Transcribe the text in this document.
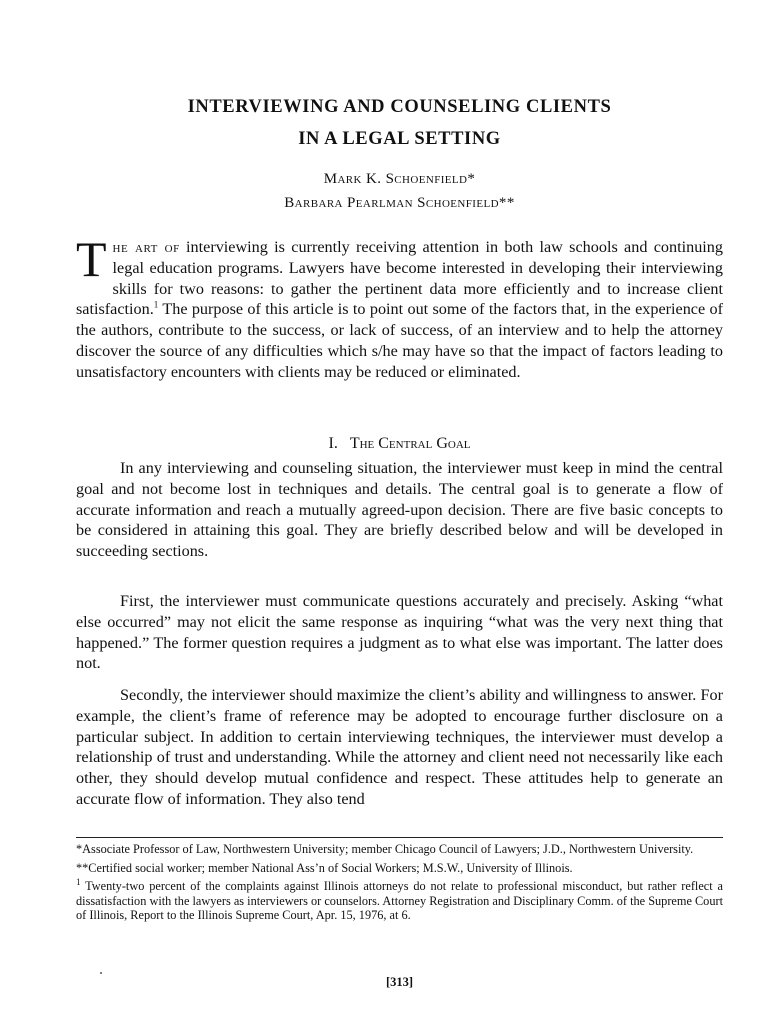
INTERVIEWING AND COUNSELING CLIENTS
IN A LEGAL SETTING
Mark K. Schoenfield*
Barbara Pearlman Schoenfield**
The art of interviewing is currently receiving attention in both law schools and continuing legal education programs. Lawyers have become interested in developing their interviewing skills for two reasons: to gather the pertinent data more efficiently and to increase client satisfaction.$^1$ The purpose of this article is to point out some of the factors that, in the experience of the authors, contribute to the success, or lack of success, of an interview and to help the attorney discover the source of any difficulties which s/he may have so that the impact of factors leading to unsatisfactory encounters with clients may be reduced or eliminated.
I. The Central Goal
In any interviewing and counseling situation, the interviewer must keep in mind the central goal and not become lost in techniques and details. The central goal is to generate a flow of accurate information and reach a mutually agreed-upon decision. There are five basic concepts to be considered in attaining this goal. They are briefly described below and will be developed in succeeding sections.
First, the interviewer must communicate questions accurately and precisely. Asking “what else occurred” may not elicit the same response as inquiring “what was the very next thing that happened.” The former question requires a judgment as to what else was important. The latter does not.
Secondly, the interviewer should maximize the client’s ability and willingness to answer. For example, the client’s frame of reference may be adopted to encourage further disclosure on a particular subject. In addition to certain interviewing techniques, the interviewer must develop a relationship of trust and understanding. While the attorney and client need not necessarily like each other, they should develop mutual confidence and respect. These attitudes help to generate an accurate flow of information. They also tend
*Associate Professor of Law, Northwestern University; member Chicago Council of Lawyers; J.D., Northwestern University.
**Certified social worker; member National Ass’n of Social Workers; M.S.W., University of Illinois.
$^1$ Twenty-two percent of the complaints against Illinois attorneys do not relate to professional misconduct, but rather reflect a dissatisfaction with the lawyers as interviewers or counselors. Attorney Registration and Disciplinary Comm. of the Supreme Court of Illinois, Report to the Illinois Supreme Court, Apr. 15, 1976, at 6.
[313]
